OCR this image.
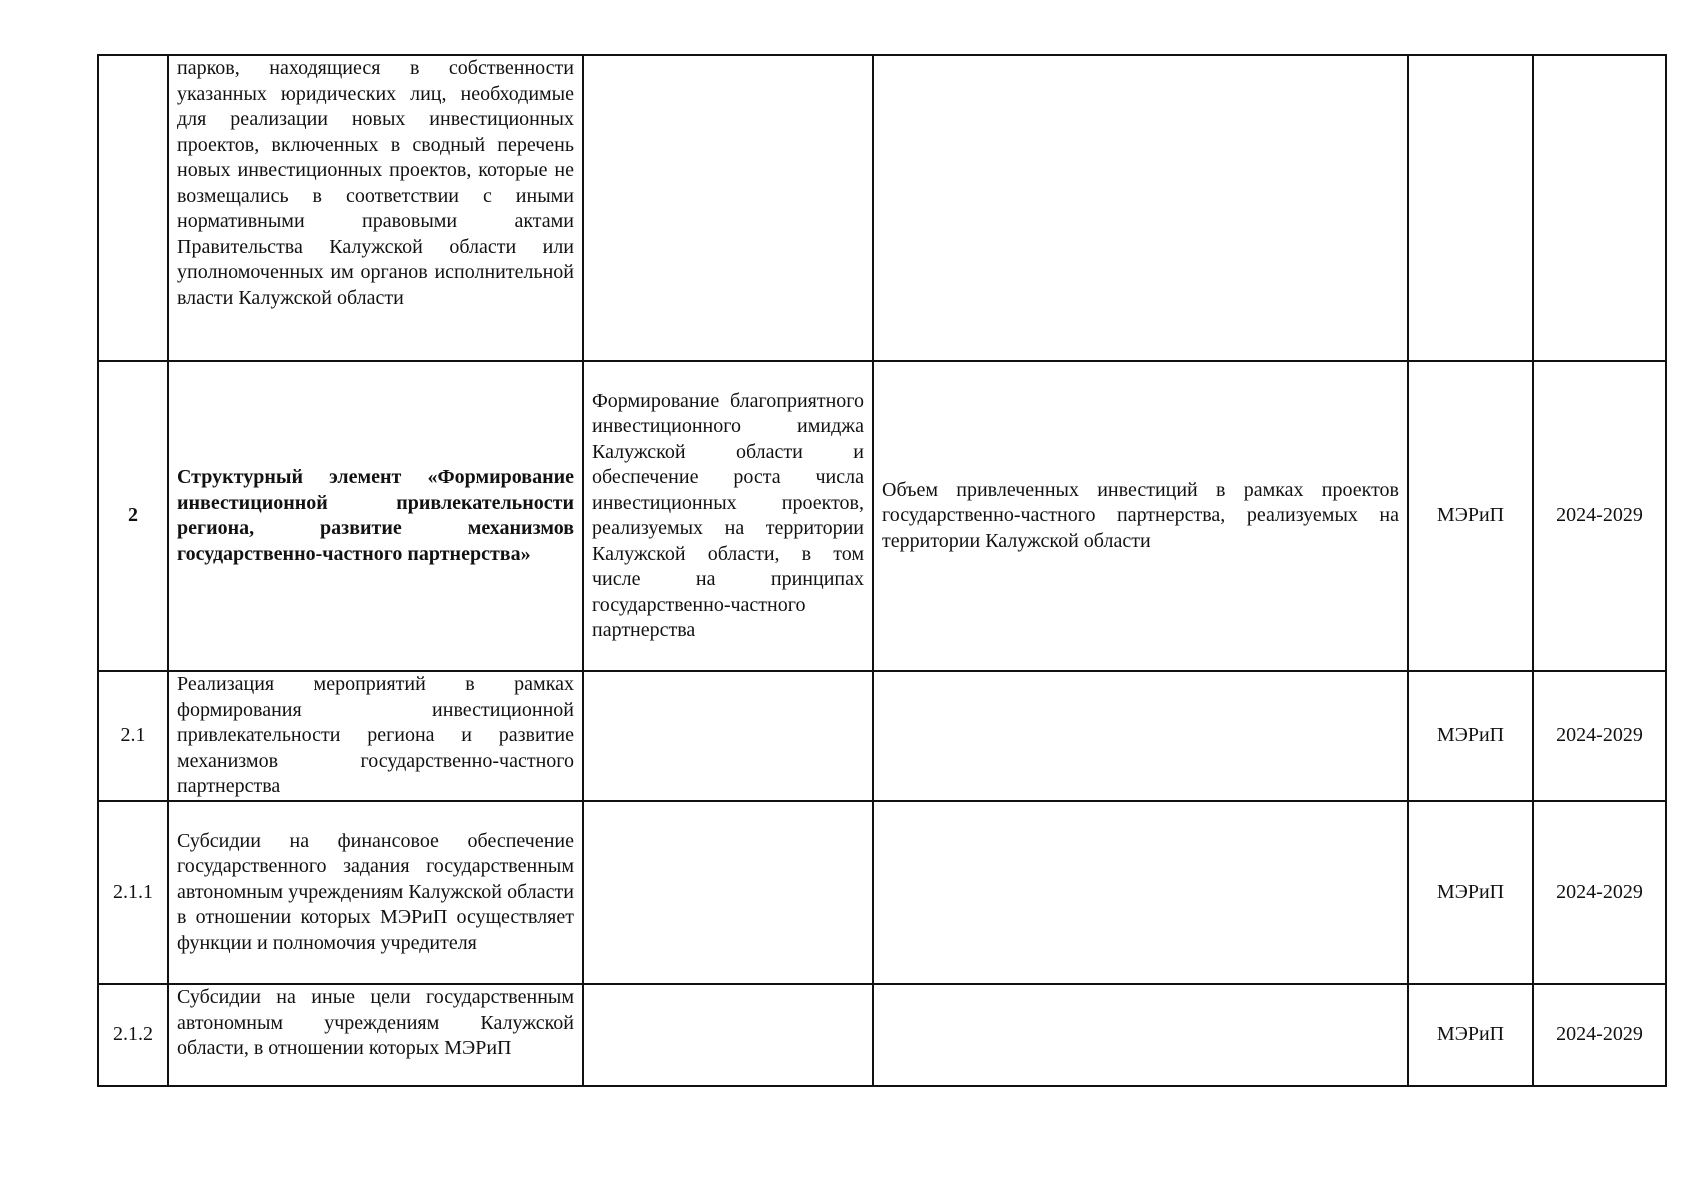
	парков, находящиеся в собственности указанных юридических лиц, необходимые для реализации новых инвестиционных проектов, включенных в сводный перечень новых инвестиционных проектов, которые не возмещались в соответствии с иными нормативными правовыми актами Правительства Калужской области или уполномоченных им органов исполнительной власти Калужской области				
2	Структурный элемент «Формирование инвестиционной привлекательности региона, развитие механизмов государственно-частного партнерства»	Формирование благоприятного инвестиционного имиджа Калужской области и обеспечение роста числа инвестиционных проектов, реализуемых на территории Калужской области, в том числе на принципах государственно-частного партнерства	Объем привлеченных инвестиций в рамках проектов государственно-частного партнерства, реализуемых на территории Калужской области	МЭРиП	2024-2029
2.1	Реализация мероприятий в рамках формирования инвестиционной привлекательности региона и развитие механизмов государственно-частного партнерства			МЭРиП	2024-2029
2.1.1	Субсидии на финансовое обеспечение государственного задания государственным автономным учреждениям Калужской области в отношении которых МЭРиП осуществляет функции и полномочия учредителя			МЭРиП	2024-2029
2.1.2	Субсидии на иные цели государственным автономным учреждениям Калужской области, в отношении которых МЭРиП			МЭРиП	2024-2029
